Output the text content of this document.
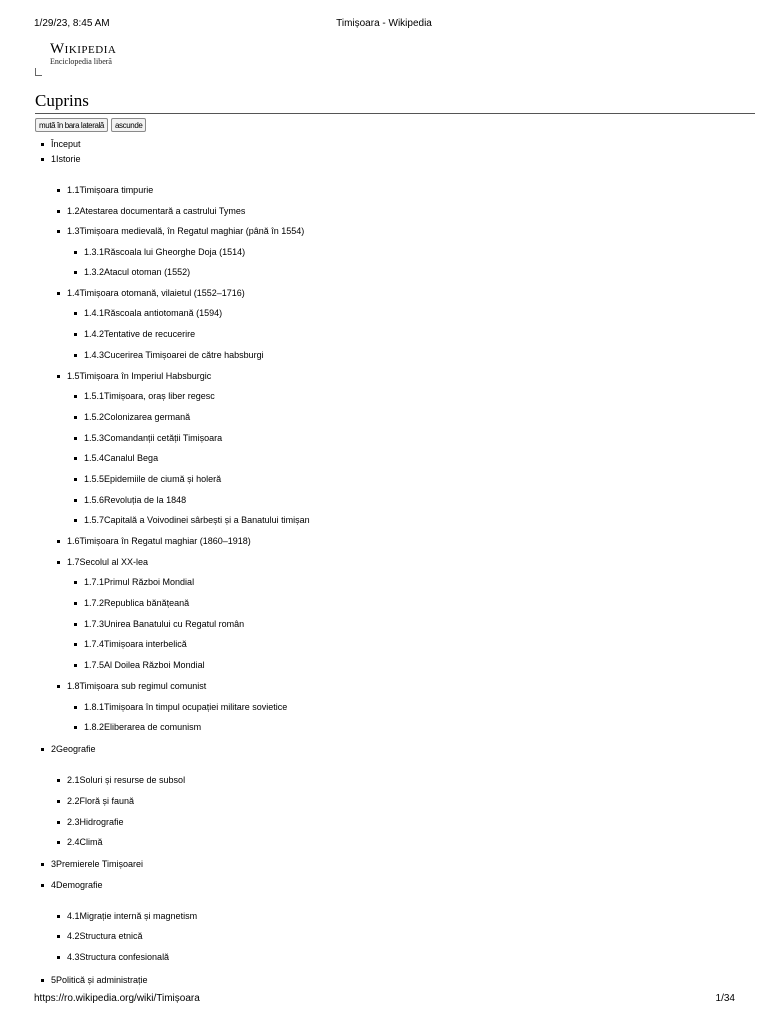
1/29/23, 8:45 AM	Timișoara - Wikipedia
Wikipedia
Enciclopedia liberă
Cuprins
mută în bara laterală	ascunde
Început
1Istorie
1.1Timișoara timpurie
1.2Atestarea documentară a castrului Tymes
1.3Timișoara medievală, în Regatul maghiar (până în 1554)
1.3.1Răscoala lui Gheorghe Doja (1514)
1.3.2Atacul otoman (1552)
1.4Timișoara otomană, vilaietul (1552–1716)
1.4.1Răscoala antiotomană (1594)
1.4.2Tentative de recucerire
1.4.3Cucerirea Timișoarei de către habsburgi
1.5Timișoara în Imperiul Habsburgic
1.5.1Timișoara, oraș liber regesc
1.5.2Colonizarea germană
1.5.3Comandanții cetății Timișoara
1.5.4Canalul Bega
1.5.5Epidemiile de ciumă și holeră
1.5.6Revoluția de la 1848
1.5.7Capitală a Voivodinei sârbești și a Banatului timișan
1.6Timișoara în Regatul maghiar (1860–1918)
1.7Secolul al XX-lea
1.7.1Primul Război Mondial
1.7.2Republica bănățeană
1.7.3Unirea Banatului cu Regatul român
1.7.4Timișoara interbelică
1.7.5Al Doilea Război Mondial
1.8Timișoara sub regimul comunist
1.8.1Timișoara în timpul ocupației militare sovietice
1.8.2Eliberarea de comunism
2Geografie
2.1Soluri și resurse de subsol
2.2Floră și faună
2.3Hidrografie
2.4Climă
3Premierele Timișoarei
4Demografie
4.1Migrație internă și magnetism
4.2Structura etnică
4.3Structura confesională
5Politică și administrație
https://ro.wikipedia.org/wiki/Timișoara	1/34
